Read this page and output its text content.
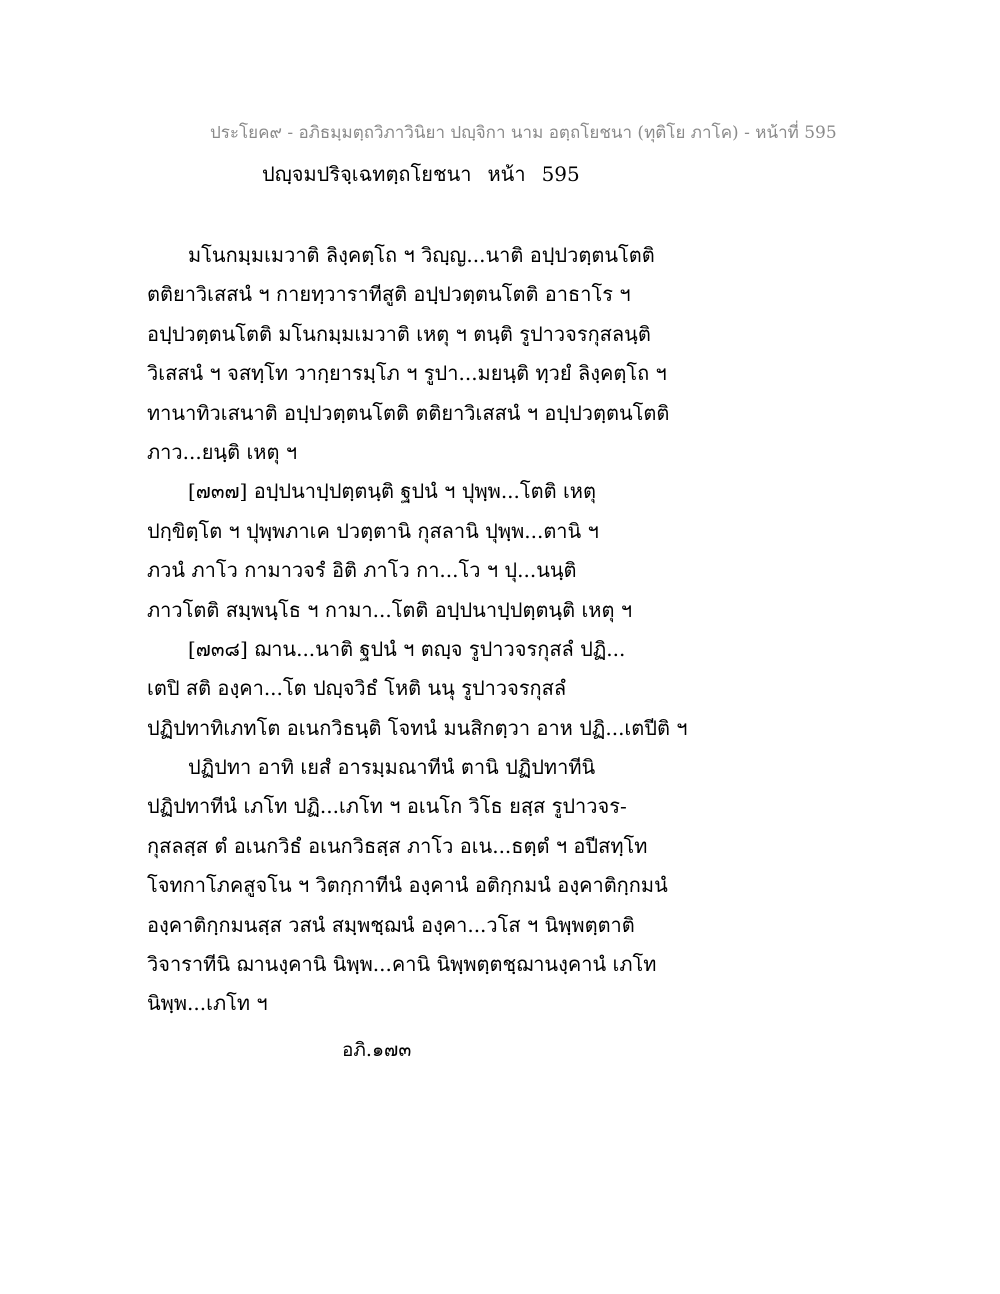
ประโยค๙ - อภิธมฺมตฺถวิภาวินิยา ปญฺจิกา นาม อตฺถโยชนา (ทุติโย ภาโค) - หน้าที่ 595
ปญฺจมปริจฺเฉทตฺถโยชนา หน้า 595
มโนกมฺมเมวาติ ลิงฺคตฺโถ ฯ วิญฺญ...นาติ อปฺปวตฺตนโตติ
ตติยาวิเสสนํ ฯ กายทฺวาราทีสูติ อปฺปวตฺตนโตติ อาธาโร ฯ
อปฺปวตฺตนโตติ มโนกมฺมเมวาติ เหตุ ฯ ตนฺติ รูปาวจรกุสลนฺติ
วิเสสนํ ฯ จสทฺโท วากฺยารมฺโภ ฯ รูปา...มยนฺติ ทฺวยํ ลิงฺคตฺโถ ฯ
ทานาทิวเสนาติ อปฺปวตฺตนโตติ ตติยาวิเสสนํ ฯ อปฺปวตฺตนโตติ
ภาว...ยนฺติ เหตุ ฯ
[๗๓๗] อปฺปนาปฺปตฺตนฺติ ฐปนํ ฯ ปุพฺพ...โตติ เหตุ
ปกฺขิตฺโต ฯ ปุพฺพภาเค ปวตฺตานิ กุสลานิ ปุพฺพ...ตานิ ฯ
ภวนํ ภาโว กามาวจรํ อิติ ภาโว กา...โว ฯ ปุ...นนฺติ
ภาวโตติ สมฺพนฺโธ ฯ กามา...โตติ อปฺปนาปฺปตฺตนฺติ เหตุ ฯ
[๗๓๘] ฌาน...นาติ ฐปนํ ฯ ตญฺจ รูปาวจรกุสลํ ปฏิ...
เตปิ สติ องฺคา...โต ปญฺจวิธํ โหติ นนุ รูปาวจรกุสลํ
ปฏิปทาทิเภทโต อเนกวิธนฺติ โจทนํ มนสิกตฺวา อาห ปฏิ...เตปีติ ฯ
ปฏิปทา อาทิ เยสํ อารมฺมณาทีนํ ตานิ ปฏิปทาทีนิ
ปฏิปทาทีนํ เภโท ปฏิ...เภโท ฯ อเนโก วิโธ ยสฺส รูปาวจร-
กุสลสฺส ตํ อเนกวิธํ อเนกวิธสฺส ภาโว อเน...ธตฺตํ ฯ อปีสทฺโท
โจทกาโภคสูจโน ฯ วิตกฺกาทีนํ องฺคานํ อติกฺกมนํ องฺคาติกฺกมนํ
องฺคาติกฺกมนสฺส วสนํ สมฺพชฺฌนํ องฺคา...วโส ฯ นิพฺพตฺตาติ
วิจาราทีนิ ฌานงฺคานิ นิพฺพ...คานิ นิพฺพตฺตชฺฌานงฺคานํ เภโท
นิพฺพ...เภโท ฯ
อภิ.๑๗๓
